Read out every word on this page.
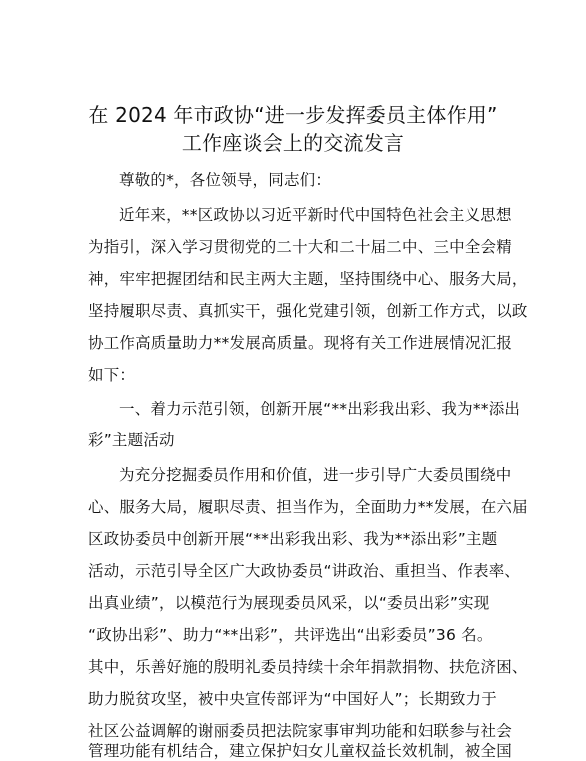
在 2024 年市政协“进一步发挥委员主体作用”
工作座谈会上的交流发言

尊敬的*，各位领导，同志们：

近年来，**区政协以习近平新时代中国特色社会主义思想

为指引，深入学习贯彻党的二十大和二十届二中、三中全会精

神，牢牢把握团结和民主两大主题，坚持围绕中心、服务大局，

坚持履职尽责、真抓实干，强化党建引领，创新工作方式，以政

协工作高质量助力**发展高质量。现将有关工作进展情况汇报

如下：

一、着力示范引领，创新开展“**出彩我出彩、我为**添出

彩”主题活动

为充分挖掘委员作用和价值，进一步引导广大委员围绕中

心、服务大局，履职尽责、担当作为，全面助力**发展，在六届

区政协委员中创新开展“**出彩我出彩、我为**添出彩”主题

活动，示范引导全区广大政协委员“讲政治、重担当、作表率、

出真业绩”，以模范行为展现委员风采，以“委员出彩”实现

“政协出彩”、助力“**出彩”，共评选出“出彩委员”36 名。

其中，乐善好施的殷明礼委员持续十余年捐款捐物、扶危济困、

助力脱贫攻坚，被中央宣传部评为“中国好人”；长期致力于

社区公益调解的谢丽委员把法院家事审判功能和妇联参与社会

管理功能有机结合，建立保护妇女儿童权益长效机制，被全国
